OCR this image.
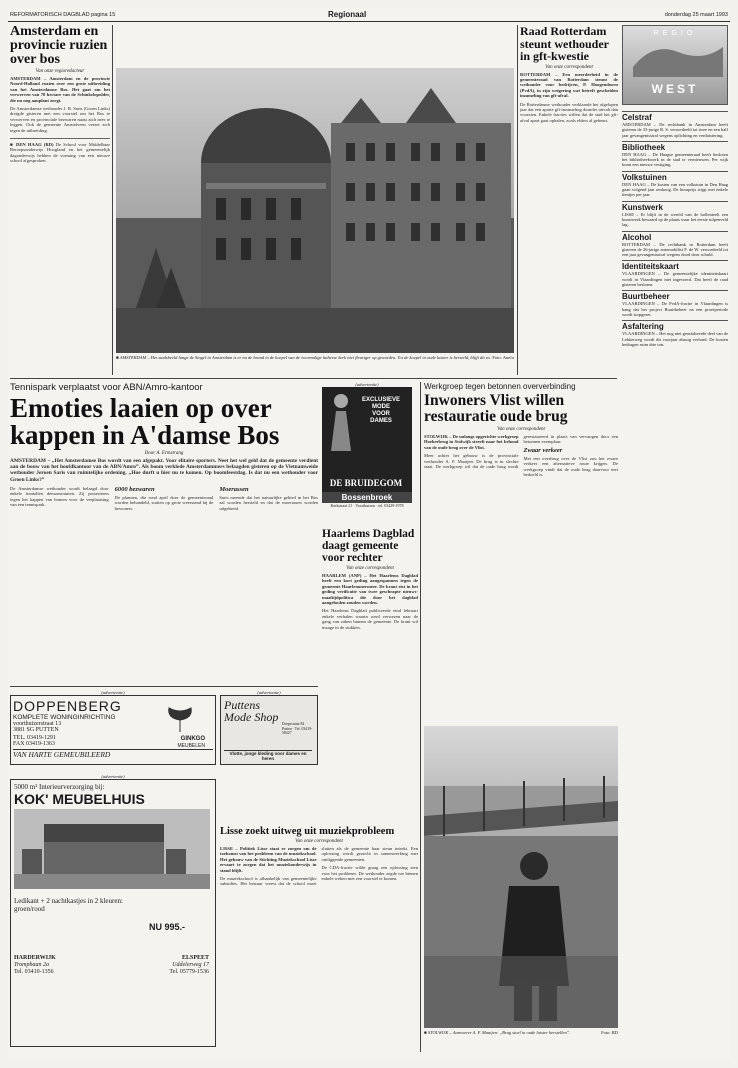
REFORMATORISCH DAGBLAD pagina 15	Regionaal	donderdag 25 maart 1993
Amsterdam en provincie ruzien over bos
Van onze regioredacteur
AMSTERDAM – Amsterdam en de provincie Noord-Holland ruzien over een grote uitbreiding van het Amsterdamse Bos. Het gaat om het verwerven van 70 hectare van de Schinkelopolder, die nu nog aanplant zorgt.
De Amsterdamse wethouder J. B. Saris (Groen Links) dreigde gisteren met een voorstel om het Bos te verwerven en provinciale bezwaren naast zich neer te leggen. Ook de gemeente Amstelveen verzet zich tegen de uitbreiding.
■ DEN HAAG (RD) De School voor Middelbaar Beroepsonderwijs Hoogland en het gemeentelijk dagonderwijs hebben de vorming van een nieuwe school afgesproken.
■ AMSTERDAM – Het stadsbeeld lange de Singel in Amsterdam is er nu de brand in de koepel van de voormalige lutherse kerk niet fleuriger op geworden. Tot de koepel in oude luister is hersteld, blijft dit zo. Foto: Anefo
Raad Rotterdam steunt wethouder in gft-kwestie
Van onze correspondent
ROTTERDAM – Een meerderheid in de gemeenteraad van Rotterdam steunt de wethouder voor bedrijven, P. Hoogendoorn (PvdA), in zijn weigering wat betreft gescheiden inzameling van gft-afval.
De Rotterdamse wethouder verklaarde het afgelopen jaar dat een aparte gft-inzameling duurder uitvalt dan voorzien. Enkele fracties willen dat de stad het gft-afval apart gaat ophalen, zoals elders al gebeurt.
REGIO
WEST
Celstraf
AMSTERDAM – De rechtbank in Amsterdam heeft gisteren de 33-jarige R. S. veroordeeld tot twee en een half jaar gevangenisstraf wegens oplichting en verduistering.
Bibliotheek
DEN HAAG – De Haagse gemeenteraad heeft besloten het bibliotheekwerk in de stad te vernieuwen. Per wijk komt een nieuwe vestiging.
Volkstuinen
DEN HAAG – De kosten van een volkstuin in Den Haag gaan volgend jaar omhoog. De huurprijs stijgt met enkele tientjes per jaar.
Kunstwerk
LISSE – Er blijft in de wereld van de bollenteelt een kunstwerk bewaard op de plaats waar het eerste tulpenveld lag.
Alcohol
ROTTERDAM – De rechtbank in Rotterdam heeft gisteren de 26-jarige automobilist F. de W. veroordeeld tot een jaar gevangenisstraf wegens dood door schuld.
Identiteitskaart
VLAARDINGEN – De gemeentelijke identiteitskaart wordt in Vlaardingen niet ingevoerd. Dat heeft de raad gisteren besloten.
Buurtbeheer
VLAARDINGEN – De PvdA-fractie in Vlaardingen is bang dat het project Buurtbeheer na een proefperiode wordt stopgezet.
Asfaltering
VLAARDINGEN – Het nog niet geasfalteerde deel van de Lekkerweg wordt dit voorjaar alsnog verhard. De kosten bedragen ruim drie ton.
Tennispark verplaatst voor ABN/Amro-kantoor
Emoties laaien op over kappen in A'damse Bos
Door A. Ermstrang
AMSTERDAM – „Het Amsterdamse Bos wordt van een afgepakt. Voor elitaire sporters. Neet het wel geld dat de gemeente verdient aan de bouw van het hoofdkantoor van de ABN/Amro”. Als boom verklede Amsterdammers belaagden gisteren op de Vietnamweide wethouder Jeroen Saris van ruimtelijke ordening. „Hoe durft u hier nu te komen. Op boomfeestdag. Is dat nu een wethouder voor Groen Links?”
De Amsterdamse wethouder wordt belaagd door enkele tientallen demonstranten. Zij protesteren tegen het kappen van bomen voor de verplaatsing van een tennispark.
6000 bezwaren
De plannen, die rond april door de gemeenteraad worden behandeld, stuiten op grote weerstand bij de bewoners.
Moerassen
Saris meende dat het natuurlijke gebied in het Bos zal worden hersteld en dat de moerassen worden uitgebreid.
(advertentie)
EXCLUSIEVE
MODE
VOOR
DAMES
DE BRUIDEGOM
Bossenbroek
Kerkstraat 21 · Voorthuizen · tel. 03429-1978
Haarlems Dagblad daagt gemeente voor rechter
Van onze correspondent
HAARLEM (ANP) – Het Haarlems Dagblad heeft een kort geding aangespannen tegen de gemeente Haarlemmermeer. De krant eist in het geding verificatie van twee geschrapte nieuws-maaltijdpolitica die door het dagblad aangeboden zouden worden.
Het Haarlems Dagblad publiceerde eind februari enkele verhalen waarin werd verwezen naar de gang van zaken binnen de gemeente. De krant wil inzage in de stukken.
Werkgroep tegen betonnen oververbinding
Inwoners Vlist willen restauratie oude brug
Van onze correspondent
STOLWIJK – De unlangs opgerichte werkgroep Hoeberbrug in Stolwijk streeft naar het behoud van de oude brug over de Vlist.
Meer achter het gebouw is de provinciale wethouder A. F. Maatjen. De brug is in slechte staat. De werkgroep wil dat de oude brug wordt gerestaureerd in plaats van vervangen door een betonnen exemplaar.
Zwaar verkeer
Met een overbrug over de Vlist zou het zware verkeer een alternatieve route krijgen. De werkgroep vindt dat de oude brug daarvoor niet bedoeld is.
■ STOLWIJK – Aanvoerer A. F. Maatjen: „Brug stoel in oude luister herstellen”.	Foto: RD
(advertentie)
DOPPENBERG
KOMPLETE WONINGINRICHTING
voorthuizerstraat 13
3881 SG PUTTEN
TEL. 03419-1291
FAX 03419-1363
VAN HARTE GEMEUBILEERD
GINKGO
MEUBELEN
(advertentie)
Puttens Mode Shop Dorpsstraat 84 Putten · Tel. 03419-58427
Vlotte, jonge kleding voor dames en heren
(advertentie)
5000 m² Interieurverzorging bij:
KOK' MEUBELHUIS
Ledikant + 2 nachtkastjes in 2 kleuren: groen/rood
NU 995.-
HARDERWIJK
Trompbaan 2a
Tel. 03410-1356
ELSPEET
Uddelerweg 17
Tel. 05779-1536
Lisse zoekt uitweg uit muziekprobleem
Van onze correspondent
LISSE – Politiek Lisse staat er zorgen om de toekomst van het probleem van de muziekschool. Het gebouw van de Stichting Muziekschool Lisse ervaart te zorgen dat het muziekonderwijs in stand blijft.
De muziekschool is afhankelijk van gemeentelijke subsidies. Het bestuur vreest dat de school moet sluiten als de gemeente haar steun intrekt. Een oplossing wordt gezocht in samenwerking met omliggende gemeenten.
De CDA-fractie wilde graag een oplossing zien voor het probleem. De wethouder zegde toe binnen enkele weken met een voorstel te komen.
